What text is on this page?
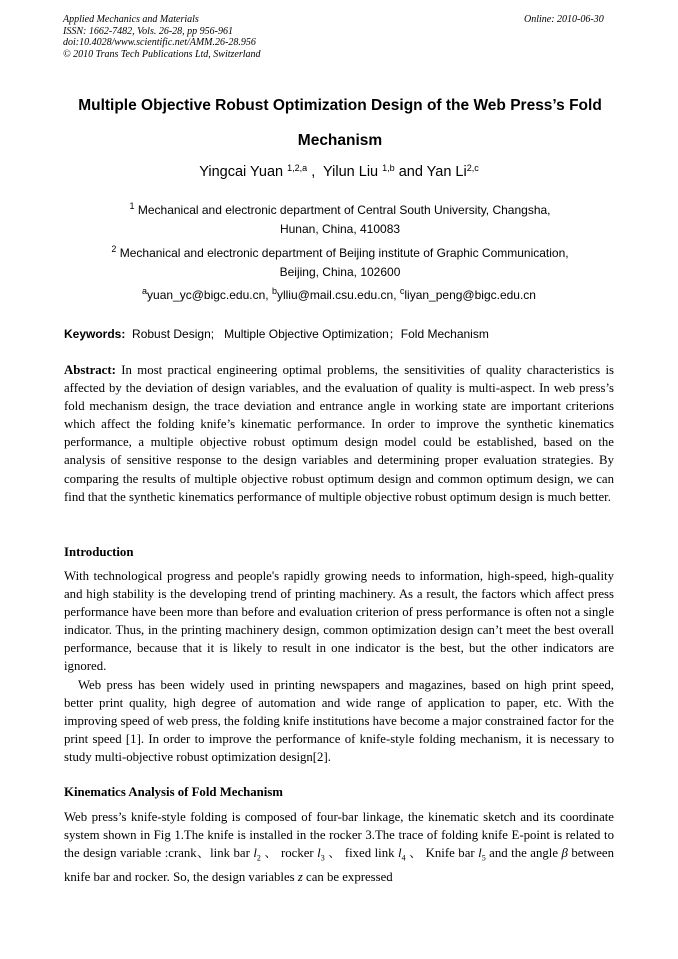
Applied Mechanics and Materials
ISSN: 1662-7482, Vols. 26-28, pp 956-961
doi:10.4028/www.scientific.net/AMM.26-28.956
© 2010 Trans Tech Publications Ltd, Switzerland
Online: 2010-06-30
Multiple Objective Robust Optimization Design of the Web Press’s Fold
Mechanism
Yingcai Yuan $^{1,2,a}$ ,  Yilun Liu $^{1,b}$ and Yan Li$^{2,c}$
$^1$ Mechanical and electronic department of Central South University, Changsha,
Hunan, China, 410083
$^2$ Mechanical and electronic department of Beijing institute of Graphic Communication,
Beijing, China, 102600
$^a$yuan_yc@bigc.edu.cn, $^b$ylliu@mail.csu.edu.cn, $^c$liyan_peng@bigc.edu.cn
Keywords:  Robust Design;   Multiple Objective Optimization；Fold Mechanism
Abstract: In most practical engineering optimal problems, the sensitivities of quality characteristics is affected by the deviation of design variables, and the evaluation of quality is multi-aspect. In web press’s fold mechanism design, the trace deviation and entrance angle in working state are important criterions which affect the folding knife’s kinematic performance. In order to improve the synthetic kinematics performance, a multiple objective robust optimum design model could be established, based on the analysis of sensitive response to the design variables and determining proper evaluation strategies. By comparing the results of multiple objective robust optimum design and common optimum design, we can find that the synthetic kinematics performance of multiple objective robust optimum design is much better.
Introduction
With technological progress and people's rapidly growing needs to information, high-speed, high-quality and high stability is the developing trend of printing machinery. As a result, the factors which affect press performance have been more than before and evaluation criterion of press performance is often not a single indicator. Thus, in the printing machinery design, common optimization design can’t meet the best overall performance, because that it is likely to result in one indicator is the best, but the other indicators are ignored.
Web press has been widely used in printing newspapers and magazines, based on high print speed, better print quality, high degree of automation and wide range of application to paper, etc. With the improving speed of web press, the folding knife institutions have become a major constrained factor for the print speed [1]. In order to improve the performance of knife-style folding mechanism, it is necessary to study multi-objective robust optimization design[2].
Kinematics Analysis of Fold Mechanism
Web press’s knife-style folding is composed of four-bar linkage, the kinematic sketch and its coordinate system shown in Fig 1.The knife is installed in the rocker 3.The trace of folding knife E-point is related to the design variable :crank、link bar $l_2$ 、 rocker $l_3$ 、 fixed link $l_4$ 、 Knife bar $l_5$ and the angle β between knife bar and rocker. So, the design variables z can be expressed
